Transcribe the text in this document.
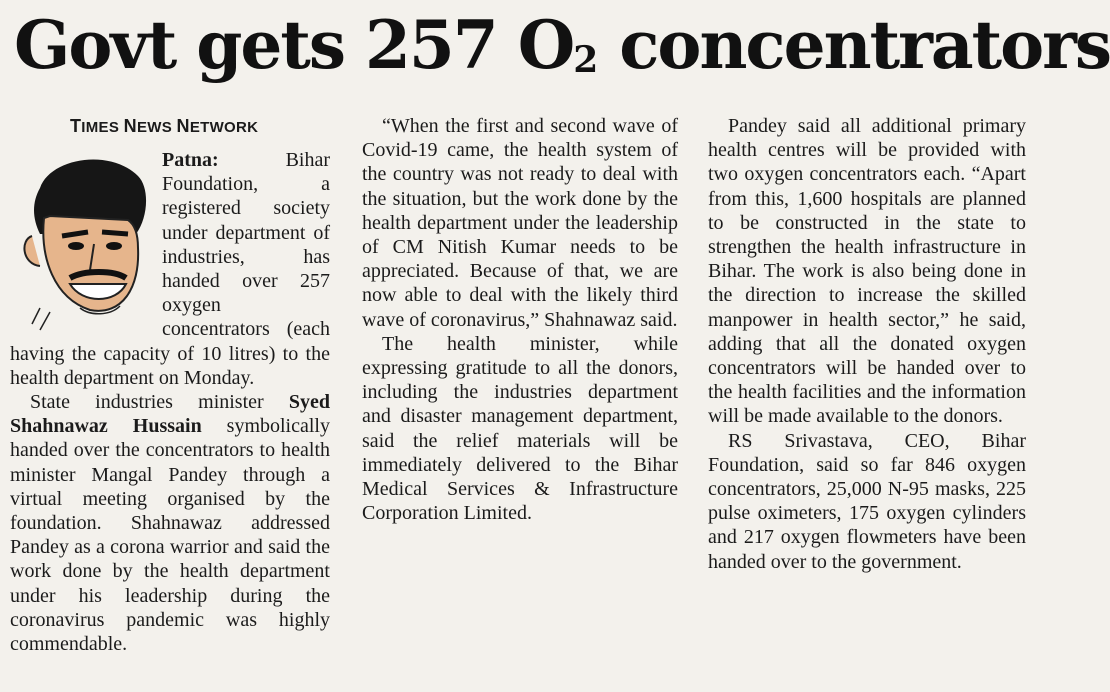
Govt gets 257 $O_2$ concentrators
TIMES NEWS NETWORK

Patna: Bihar Foundation, a registered society under department of industries, has handed over 257 oxygen concentrators (each having the capacity of 10 litres) to the health department on Monday.

State industries minister Syed Shahnawaz Hussain symbolically handed over the concentrators to health minister Mangal Pandey through a virtual meeting organised by the foundation. Shahnawaz addressed Pandey as a corona warrior and said the work done by the health department under his leadership during the coronavirus pandemic was highly commendable.

“When the first and second wave of Covid-19 came, the health system of the country was not ready to deal with the situation, but the work done by the health department under the leadership of CM Nitish Kumar needs to be appreciated. Because of that, we are now able to deal with the likely third wave of coronavirus,” Shahnawaz said.

The health minister, while expressing gratitude to all the donors, including the industries department and disaster management department, said the relief materials will be immediately delivered to the Bihar Medical Services & Infrastructure Corporation Limited.

Pandey said all additional primary health centres will be provided with two oxygen concentrators each. “Apart from this, 1,600 hospitals are planned to be constructed in the state to strengthen the health infrastructure in Bihar. The work is also being done in the direction to increase the skilled manpower in health sector,” he said, adding that all the donated oxygen concentrators will be handed over to the health facilities and the information will be made available to the donors.

RS Srivastava, CEO, Bihar Foundation, said so far 846 oxygen concentrators, 25,000 N-95 masks, 225 pulse oximeters, 175 oxygen cylinders and 217 oxygen flowmeters have been handed over to the government.
